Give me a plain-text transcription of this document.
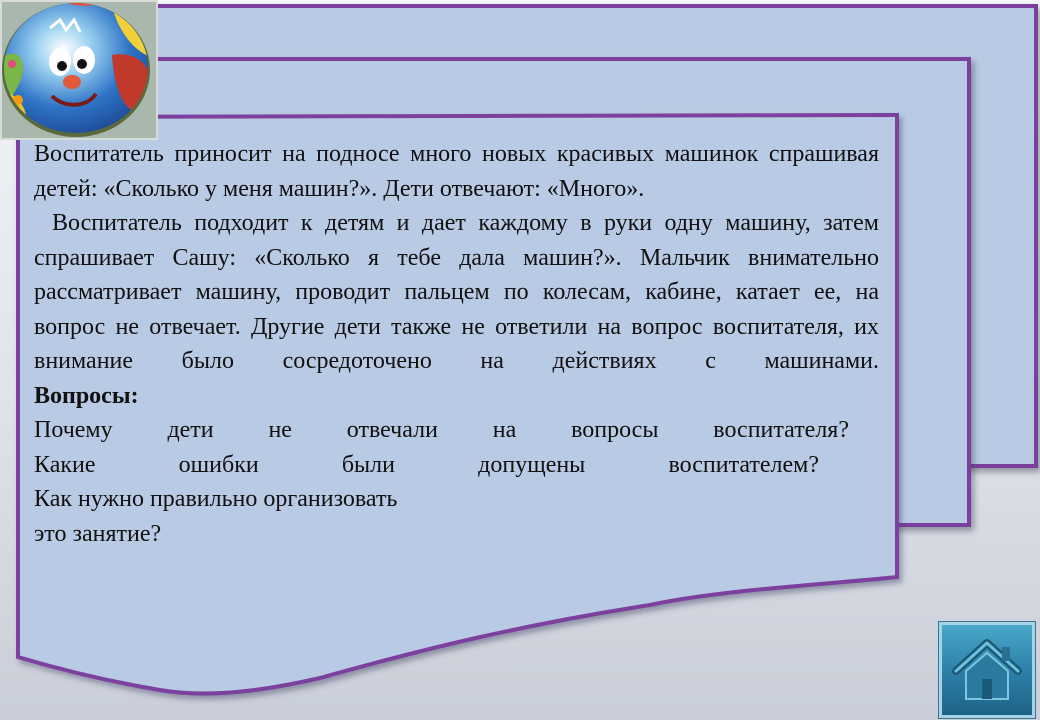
Воспитатель приносит на подносе много новых красивых машинок спрашивая детей: «Сколько у меня машин?». Дети отвечают: «Много».

Воспитатель подходит к детям и дает каждому в руки одну машину, затем спрашивает Сашу: «Сколько я тебе дала машин?». Мальчик внимательно рассматривает машину, проводит пальцем по колесам, кабине, катает ее, на вопрос не отвечает. Другие дети также не ответили на вопрос воспитателя, их внимание было сосредоточено на действиях с машинами.

Вопросы:

Почему дети не отвечали на вопросы воспитателя?

Какие ошибки были допущены воспитателем?

Как нужно правильно организовать

это занятие?
